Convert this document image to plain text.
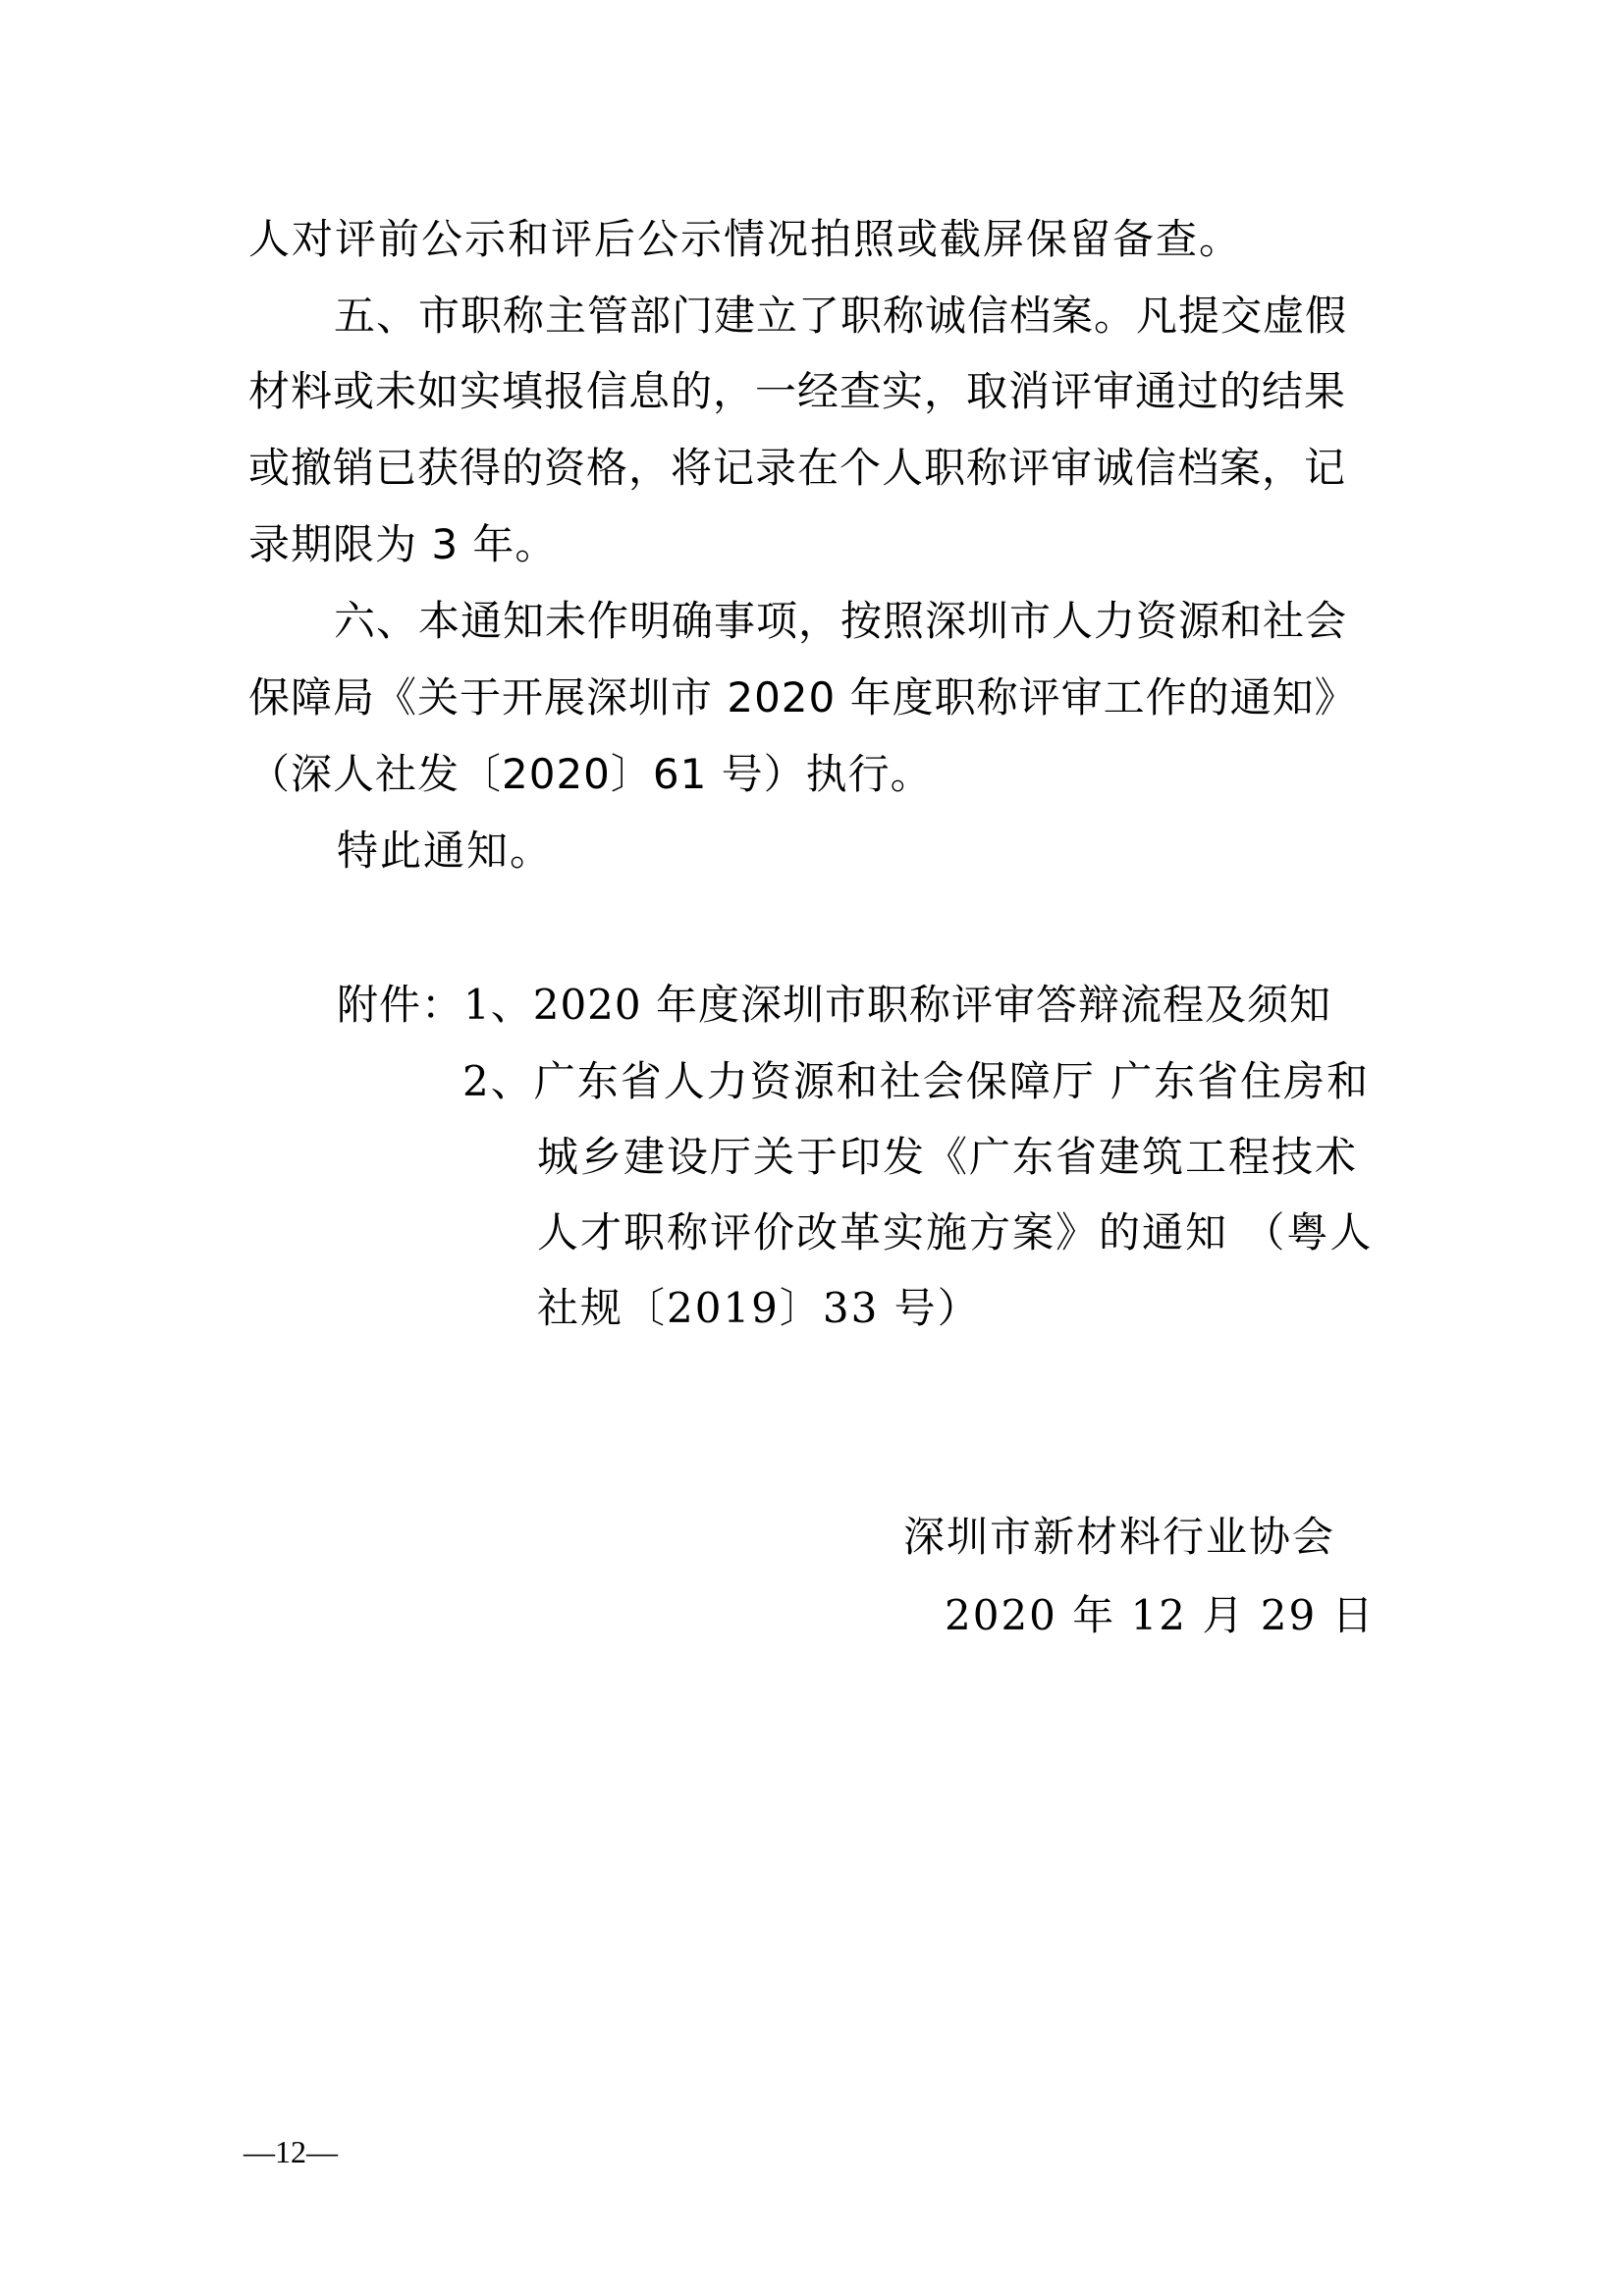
人对评前公示和评后公示情况拍照或截屏保留备查。
五、市职称主管部门建立了职称诚信档案。凡提交虚假
材料或未如实填报信息的，一经查实，取消评审通过的结果
或撤销已获得的资格，将记录在个人职称评审诚信档案，记
录期限为 3 年。
六、本通知未作明确事项，按照深圳市人力资源和社会
保障局《关于开展深圳市 2020 年度职称评审工作的通知》
（深人社发〔2020〕61 号）执行。
特此通知。
附件：1、2020 年度深圳市职称评审答辩流程及须知
2、广东省人力资源和社会保障厅 广东省住房和
城乡建设厅关于印发《广东省建筑工程技术
人才职称评价改革实施方案》的通知 （粤人
社规〔2019〕33 号）
深圳市新材料行业协会
2020 年 12 月 29 日
—12—
